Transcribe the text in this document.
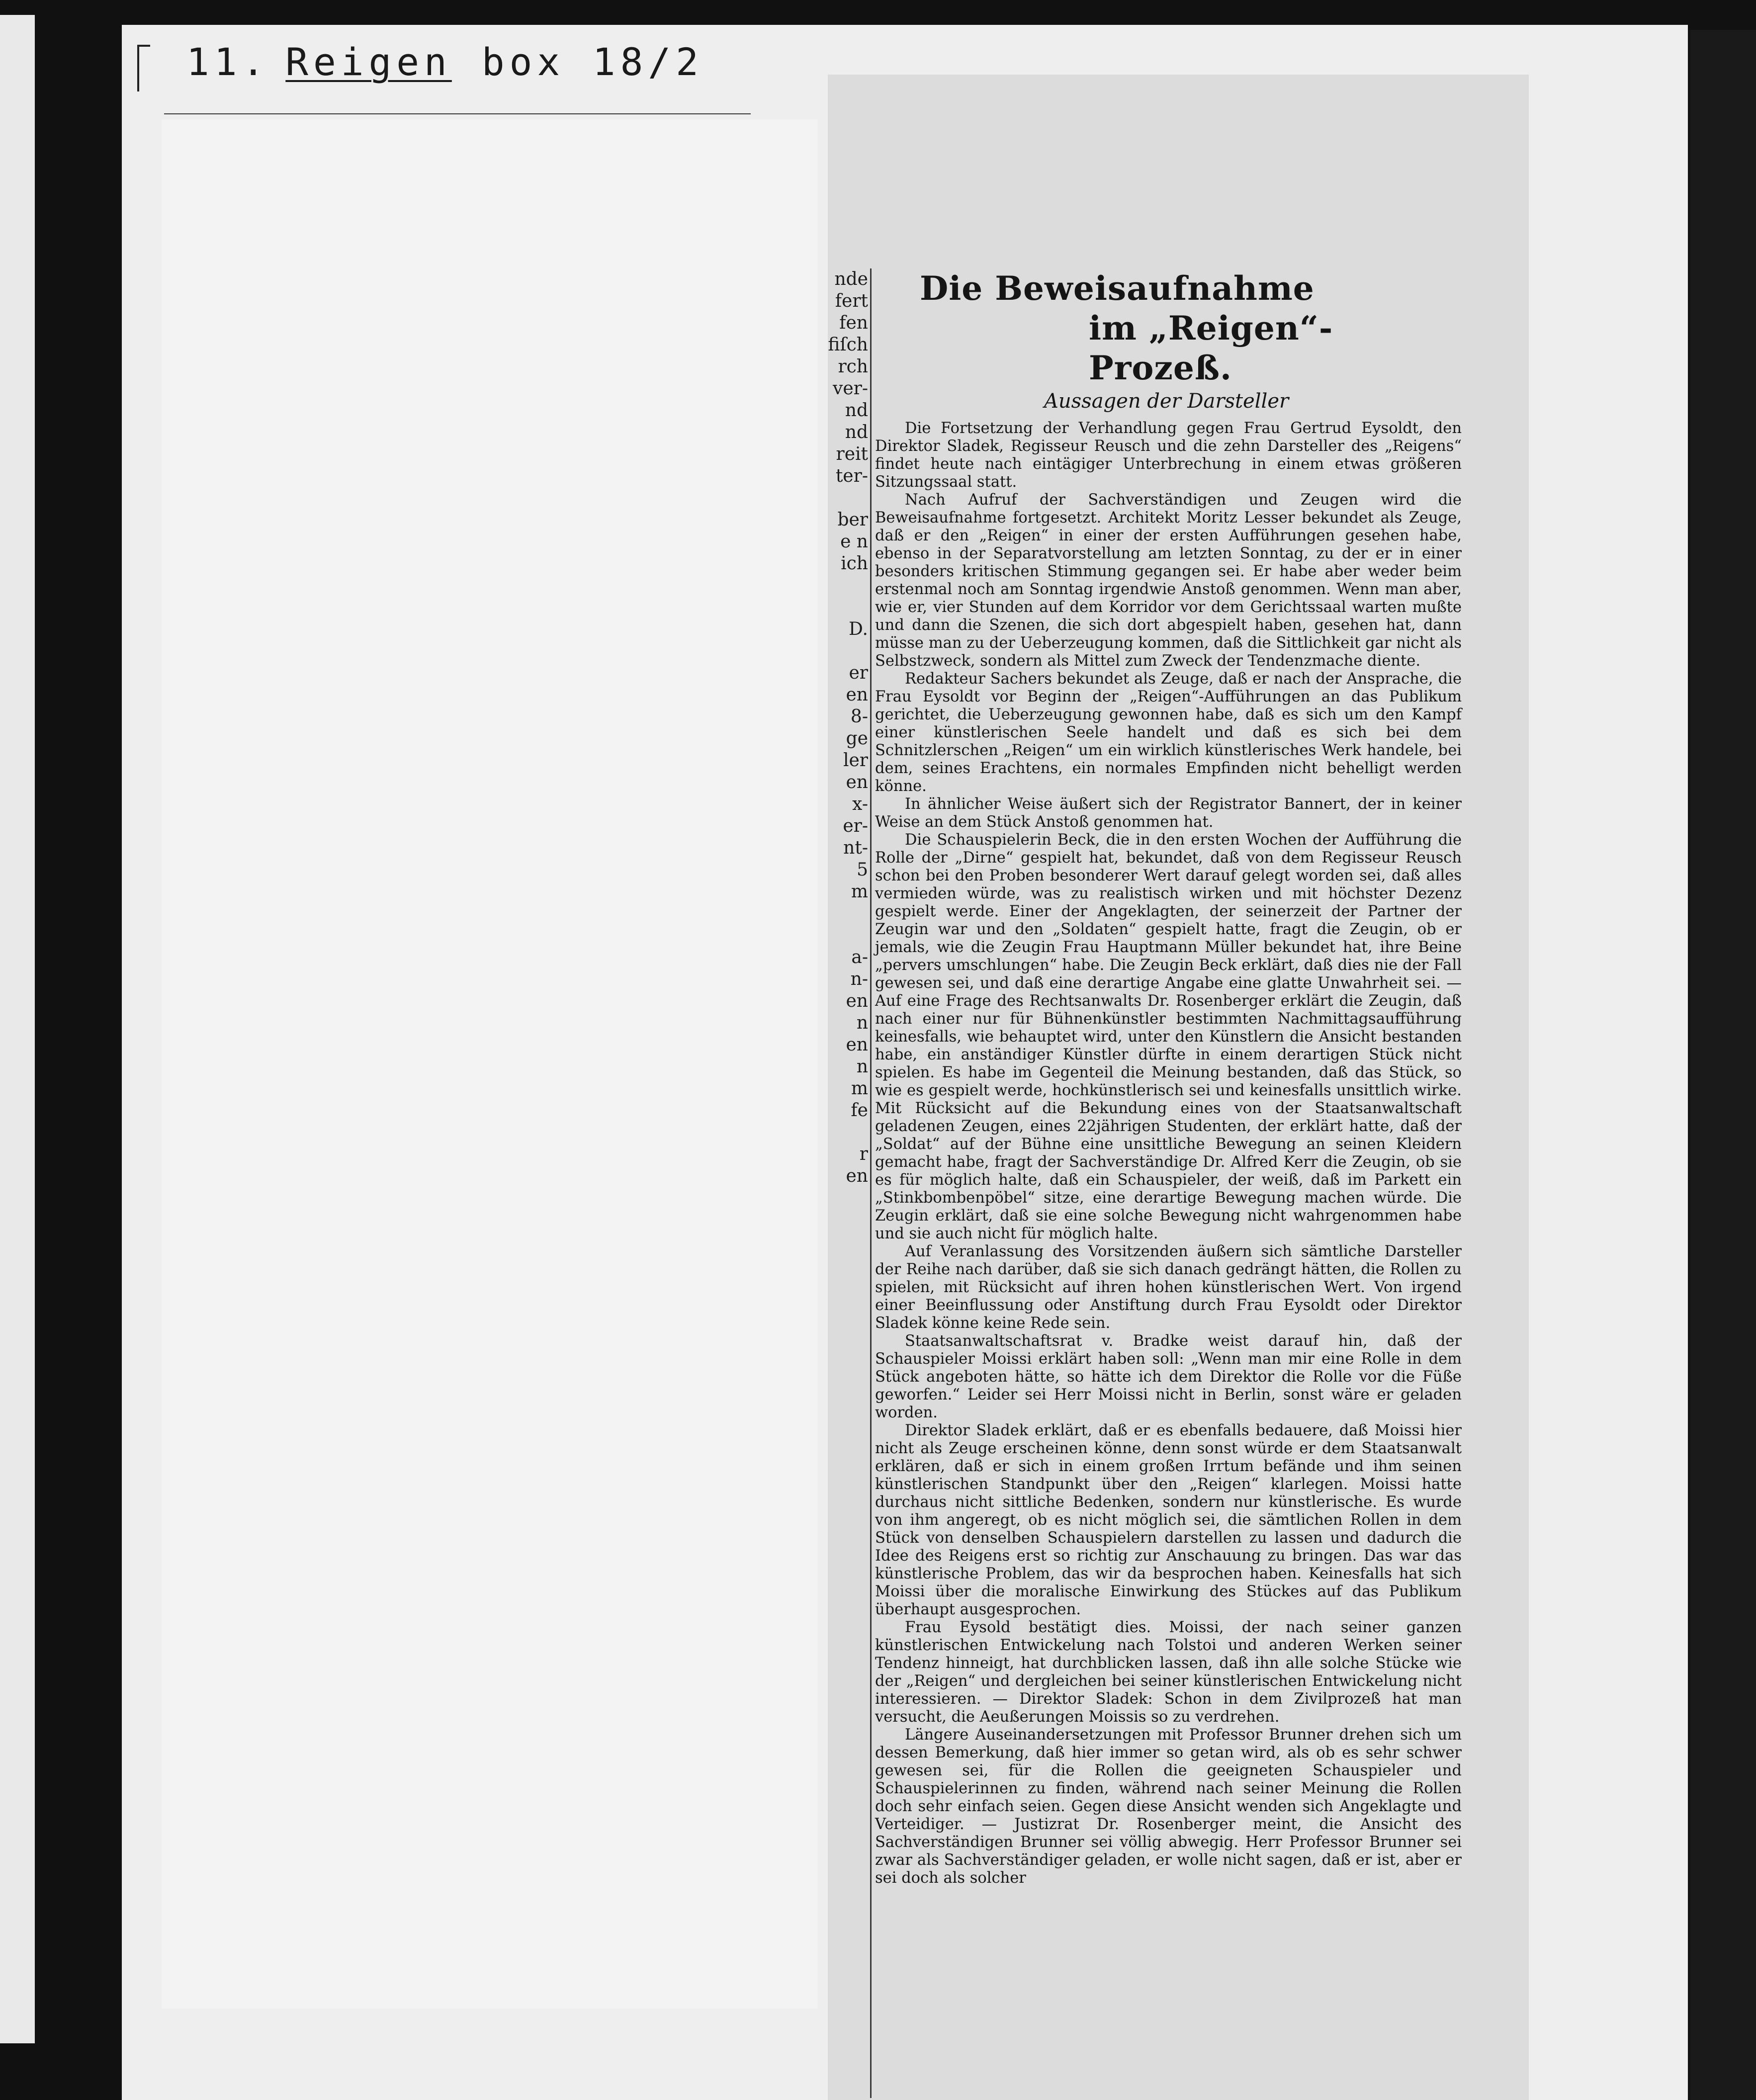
11. Reigen box 18/2
nde
fert
fen
fiſch
rch
ver-
nd
nd
reit
ter-

ber
e n
ich

D.

er
en
8-
ge
ler
en
x-
er-
nt-
5
m

a-
n-
en
n
en
n
m
fe

r
en
Die Beweisaufnahme
im „Reigen“-Prozeß.
Aussagen der Darsteller

Die Fortsetzung der Verhandlung gegen Frau Gertrud Eysoldt, den Direktor Sladek, Regisseur Reusch und die zehn Darsteller des „Reigens“ findet heute nach eintägiger Unterbrechung in einem etwas größeren Sitzungssaal statt.

Nach Aufruf der Sachverständigen und Zeugen wird die Beweisaufnahme fortgesetzt. Architekt Moritz Lesser bekundet als Zeuge, daß er den „Reigen“ in einer der ersten Aufführungen gesehen habe, ebenso in der Separatvorstellung am letzten Sonntag, zu der er in einer besonders kritischen Stimmung gegangen sei. Er habe aber weder beim erstenmal noch am Sonntag irgendwie Anstoß genommen. Wenn man aber, wie er, vier Stunden auf dem Korridor vor dem Gerichtssaal warten mußte und dann die Szenen, die sich dort abgespielt haben, gesehen hat, dann müsse man zu der Ueberzeugung kommen, daß die Sittlichkeit gar nicht als Selbstzweck, sondern als Mittel zum Zweck der Tendenzmache diente.

Redakteur Sachers bekundet als Zeuge, daß er nach der Ansprache, die Frau Eysoldt vor Beginn der „Reigen“-Aufführungen an das Publikum gerichtet, die Ueberzeugung gewonnen habe, daß es sich um den Kampf einer künstlerischen Seele handelt und daß es sich bei dem Schnitzlerschen „Reigen“ um ein wirklich künstlerisches Werk handele, bei dem, seines Erachtens, ein normales Empfinden nicht behelligt werden könne.

In ähnlicher Weise äußert sich der Registrator Bannert, der in keiner Weise an dem Stück Anstoß genommen hat.

Die Schauspielerin Beck, die in den ersten Wochen der Aufführung die Rolle der „Dirne“ gespielt hat, bekundet, daß von dem Regisseur Reusch schon bei den Proben besonderer Wert darauf gelegt worden sei, daß alles vermieden würde, was zu realistisch wirken und mit höchster Dezenz gespielt werde. Einer der Angeklagten, der seinerzeit der Partner der Zeugin war und den „Soldaten“ gespielt hatte, fragt die Zeugin, ob er jemals, wie die Zeugin Frau Hauptmann Müller bekundet hat, ihre Beine „pervers umschlungen“ habe. Die Zeugin Beck erklärt, daß dies nie der Fall gewesen sei, und daß eine derartige Angabe eine glatte Unwahrheit sei. — Auf eine Frage des Rechtsanwalts Dr. Rosenberger erklärt die Zeugin, daß nach einer nur für Bühnenkünstler bestimmten Nachmittagsaufführung keinesfalls, wie behauptet wird, unter den Künstlern die Ansicht bestanden habe, ein anständiger Künstler dürfte in einem derartigen Stück nicht spielen. Es habe im Gegenteil die Meinung bestanden, daß das Stück, so wie es gespielt werde, hochkünstlerisch sei und keinesfalls unsittlich wirke. Mit Rücksicht auf die Bekundung eines von der Staatsanwaltschaft geladenen Zeugen, eines 22jährigen Studenten, der erklärt hatte, daß der „Soldat“ auf der Bühne eine unsittliche Bewegung an seinen Kleidern gemacht habe, fragt der Sachverständige Dr. Alfred Kerr die Zeugin, ob sie es für möglich halte, daß ein Schauspieler, der weiß, daß im Parkett ein „Stinkbombenpöbel“ sitze, eine derartige Bewegung machen würde. Die Zeugin erklärt, daß sie eine solche Bewegung nicht wahrgenommen habe und sie auch nicht für möglich halte.

Auf Veranlassung des Vorsitzenden äußern sich sämtliche Darsteller der Reihe nach darüber, daß sie sich danach gedrängt hätten, die Rollen zu spielen, mit Rücksicht auf ihren hohen künstlerischen Wert. Von irgend einer Beeinflussung oder Anstiftung durch Frau Eysoldt oder Direktor Sladek könne keine Rede sein.

Staatsanwaltschaftsrat v. Bradke weist darauf hin, daß der Schauspieler Moissi erklärt haben soll: „Wenn man mir eine Rolle in dem Stück angeboten hätte, so hätte ich dem Direktor die Rolle vor die Füße geworfen.“ Leider sei Herr Moissi nicht in Berlin, sonst wäre er geladen worden.

Direktor Sladek erklärt, daß er es ebenfalls bedauere, daß Moissi hier nicht als Zeuge erscheinen könne, denn sonst würde er dem Staatsanwalt erklären, daß er sich in einem großen Irrtum befände und ihm seinen künstlerischen Standpunkt über den „Reigen“ klarlegen. Moissi hatte durchaus nicht sittliche Bedenken, sondern nur künstlerische. Es wurde von ihm angeregt, ob es nicht möglich sei, die sämtlichen Rollen in dem Stück von denselben Schauspielern darstellen zu lassen und dadurch die Idee des Reigens erst so richtig zur Anschauung zu bringen. Das war das künstlerische Problem, das wir da besprochen haben. Keinesfalls hat sich Moissi über die moralische Einwirkung des Stückes auf das Publikum überhaupt ausgesprochen.

Frau Eysold bestätigt dies. Moissi, der nach seiner ganzen künstlerischen Entwickelung nach Tolstoi und anderen Werken seiner Tendenz hinneigt, hat durchblicken lassen, daß ihn alle solche Stücke wie der „Reigen“ und dergleichen bei seiner künstlerischen Entwickelung nicht interessieren. — Direktor Sladek: Schon in dem Zivilprozeß hat man versucht, die Aeußerungen Moissis so zu verdrehen.

Längere Auseinandersetzungen mit Professor Brunner drehen sich um dessen Bemerkung, daß hier immer so getan wird, als ob es sehr schwer gewesen sei, für die Rollen die geeigneten Schauspieler und Schauspielerinnen zu finden, während nach seiner Meinung die Rollen doch sehr einfach seien. Gegen diese Ansicht wenden sich Angeklagte und Verteidiger. — Justizrat Dr. Rosenberger meint, die Ansicht des Sachverständigen Brunner sei völlig abwegig. Herr Professor Brunner sei zwar als Sachverständiger geladen, er wolle nicht sagen, daß er ist, aber er sei doch als solcher
